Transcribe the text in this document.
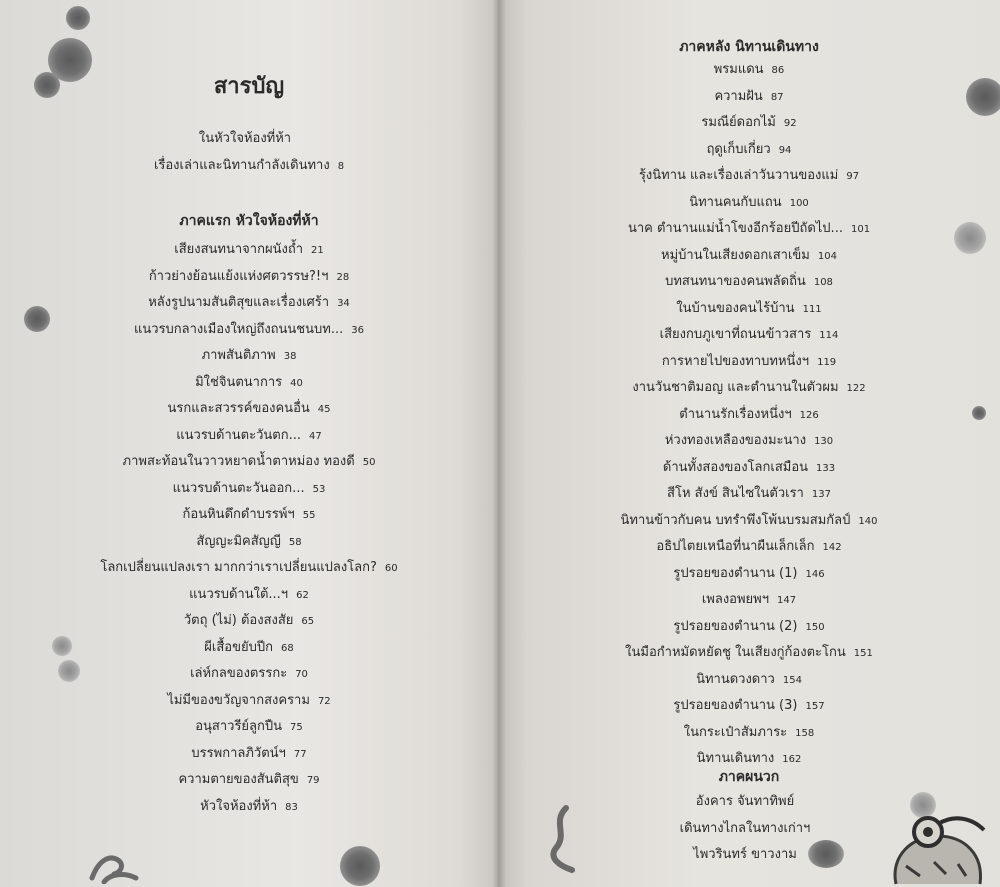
สารบัญ
ในหัวใจห้องที่ห้า
เรื่องเล่าและนิทานกำลังเดินทาง 8
ภาคแรก หัวใจห้องที่ห้า
เสียงสนทนาจากผนังถ้ำ 21
ก้าวย่างย้อนแย้งแห่งศตวรรษ?!ฯ 28
หลังรูปนามสันติสุขและเรื่องเศร้า 34
แนวรบกลางเมืองใหญ่ถึงถนนชนบท... 36
ภาพสันติภาพ 38
มิใช่จินตนาการ 40
นรกและสวรรค์ของคนอื่น 45
แนวรบด้านตะวันตก... 47
ภาพสะท้อนในวาวหยาดน้ำตาหม่อง ทองดี 50
แนวรบด้านตะวันออก... 53
ก้อนหินดึกดำบรรพ์ฯ 55
สัญญะมิคสัญญี 58
โลกเปลี่ยนแปลงเรา มากกว่าเราเปลี่ยนแปลงโลก? 60
แนวรบด้านใต้...ฯ 62
วัตถุ (ไม่) ต้องสงสัย 65
ผีเสื้อขยับปีก 68
เล่ห์กลของตรรกะ 70
ไม่มีของขวัญจากสงคราม 72
อนุสาวรีย์ลูกปืน 75
บรรพกาลภิวัตน์ฯ 77
ความตายของสันติสุข 79
หัวใจห้องที่ห้า 83
ภาคหลัง นิทานเดินทาง
พรมแดน 86
ความฝัน 87
รมณีย์ดอกไม้ 92
ฤดูเก็บเกี่ยว 94
รุ้งนิทาน และเรื่องเล่าวันวานของแม่ 97
นิทานคนกับแถน 100
นาค ตำนานแม่น้ำโขงอีกร้อยปีถัดไป... 101
หมู่บ้านในเสียงดอกเสาเข็ม 104
บทสนทนาของคนพลัดถิ่น 108
ในบ้านของคนไร้บ้าน 111
เสียงกบภูเขาที่ถนนข้าวสาร 114
การหายไปของทาบทหนึ่งฯ 119
งานวันชาติมอญ และตำนานในตัวผม 122
ตำนานรักเรื่องหนึ่งฯ 126
ห่วงทองเหลืองของมะนาง 130
ด้านทั้งสองของโลกเสมือน 133
สีโห สังข์ สินไซในตัวเรา 137
นิทานข้าวกับคน บทรำพึงโพ้นบรมสมกัลป์ 140
อธิปไตยเหนือที่นาผืนเล็กเล็ก 142
รูปรอยของตำนาน (1) 146
เพลงอพยพฯ 147
รูปรอยของตำนาน (2) 150
ในมือกำหมัดหยัดชู ในเสียงกู่ก้องตะโกน 151
นิทานดวงดาว 154
รูปรอยของตำนาน (3) 157
ในกระเป๋าสัมภาระ 158
นิทานเดินทาง 162
ภาคผนวก
อังคาร จันทาทิพย์
เดินทางไกลในทางเก่าฯ
ไพวรินทร์ ขาวงาม
